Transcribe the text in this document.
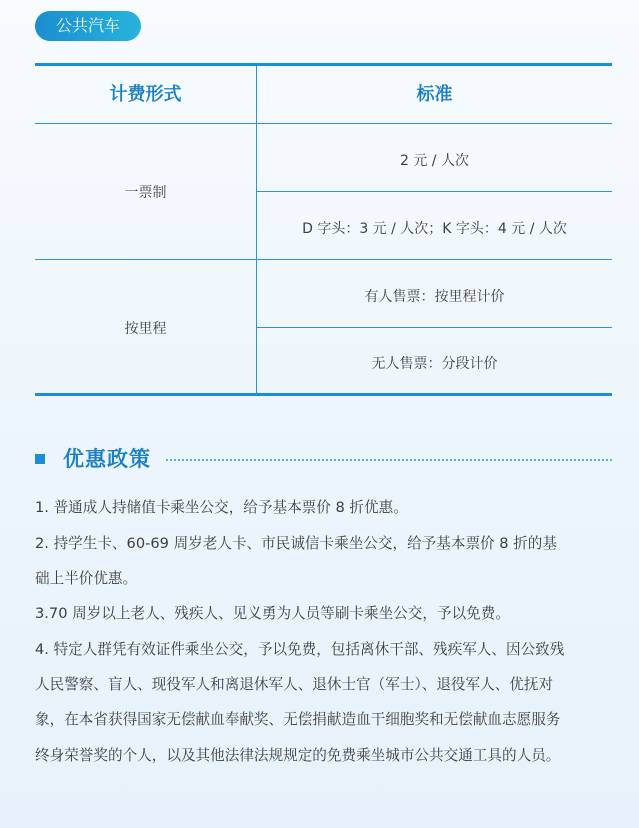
公共汽车
计费形式	标准
一票制
2 元 / 人次
D 字头：3 元 / 人次；K 字头：4 元 / 人次
按里程
有人售票：按里程计价
无人售票：分段计价
优惠政策
1. 普通成人持储值卡乘坐公交，给予基本票价 8 折优惠。
2. 持学生卡、60-69 周岁老人卡、市民诚信卡乘坐公交，给予基本票价 8 折的基
础上半价优惠。
3.70 周岁以上老人、残疾人、见义勇为人员等刷卡乘坐公交，予以免费。
4. 特定人群凭有效证件乘坐公交，予以免费，包括离休干部、残疾军人、因公致残
人民警察、盲人、现役军人和离退休军人、退休士官（军士）、退役军人、优抚对
象，在本省获得国家无偿献血奉献奖、无偿捐献造血干细胞奖和无偿献血志愿服务
终身荣誉奖的个人，以及其他法律法规规定的免费乘坐城市公共交通工具的人员。
